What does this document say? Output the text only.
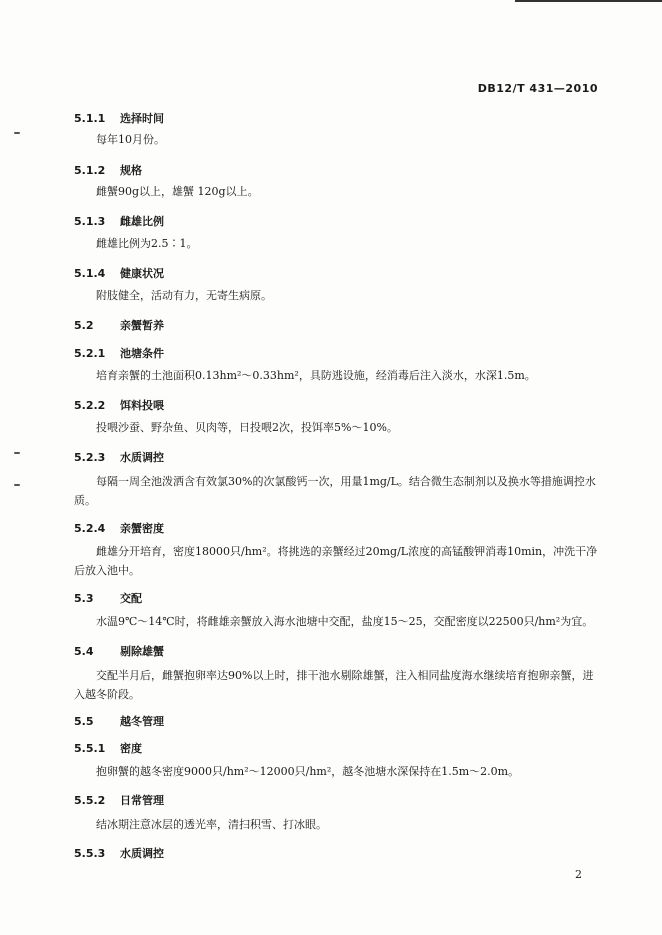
DB12/T 431—2010
5.1.1 选择时间
每年10月份。
5.1.2 规格
雌蟹90g以上，雄蟹 120g以上。
5.1.3 雌雄比例
雌雄比例为2.5∶1。
5.1.4 健康状况
附肢健全，活动有力，无寄生病原。
5.2 亲蟹暂养
5.2.1 池塘条件
培育亲蟹的土池面积0.13hm²～0.33hm²，具防逃设施，经消毒后注入淡水，水深1.5m。
5.2.2 饵料投喂
投喂沙蚕、野杂鱼、贝肉等，日投喂2次，投饵率5%～10%。
5.2.3 水质调控
每隔一周全池泼洒含有效氯30%的次氯酸钙一次，用量1mg/L。结合微生态制剂以及换水等措施调控水质。
5.2.4 亲蟹密度
雌雄分开培育，密度18000只/hm²。将挑选的亲蟹经过20mg/L浓度的高锰酸钾消毒10min，冲洗干净后放入池中。
5.3 交配
水温9℃～14℃时，将雌雄亲蟹放入海水池塘中交配，盐度15～25，交配密度以22500只/hm²为宜。
5.4 剔除雄蟹
交配半月后，雌蟹抱卵率达90%以上时，排干池水剔除雄蟹，注入相同盐度海水继续培育抱卵亲蟹，进入越冬阶段。
5.5 越冬管理
5.5.1 密度
抱卵蟹的越冬密度9000只/hm²～12000只/hm²，越冬池塘水深保持在1.5m～2.0m。
5.5.2 日常管理
结冰期注意冰层的透光率，清扫积雪、打冰眼。
5.5.3 水质调控
2
